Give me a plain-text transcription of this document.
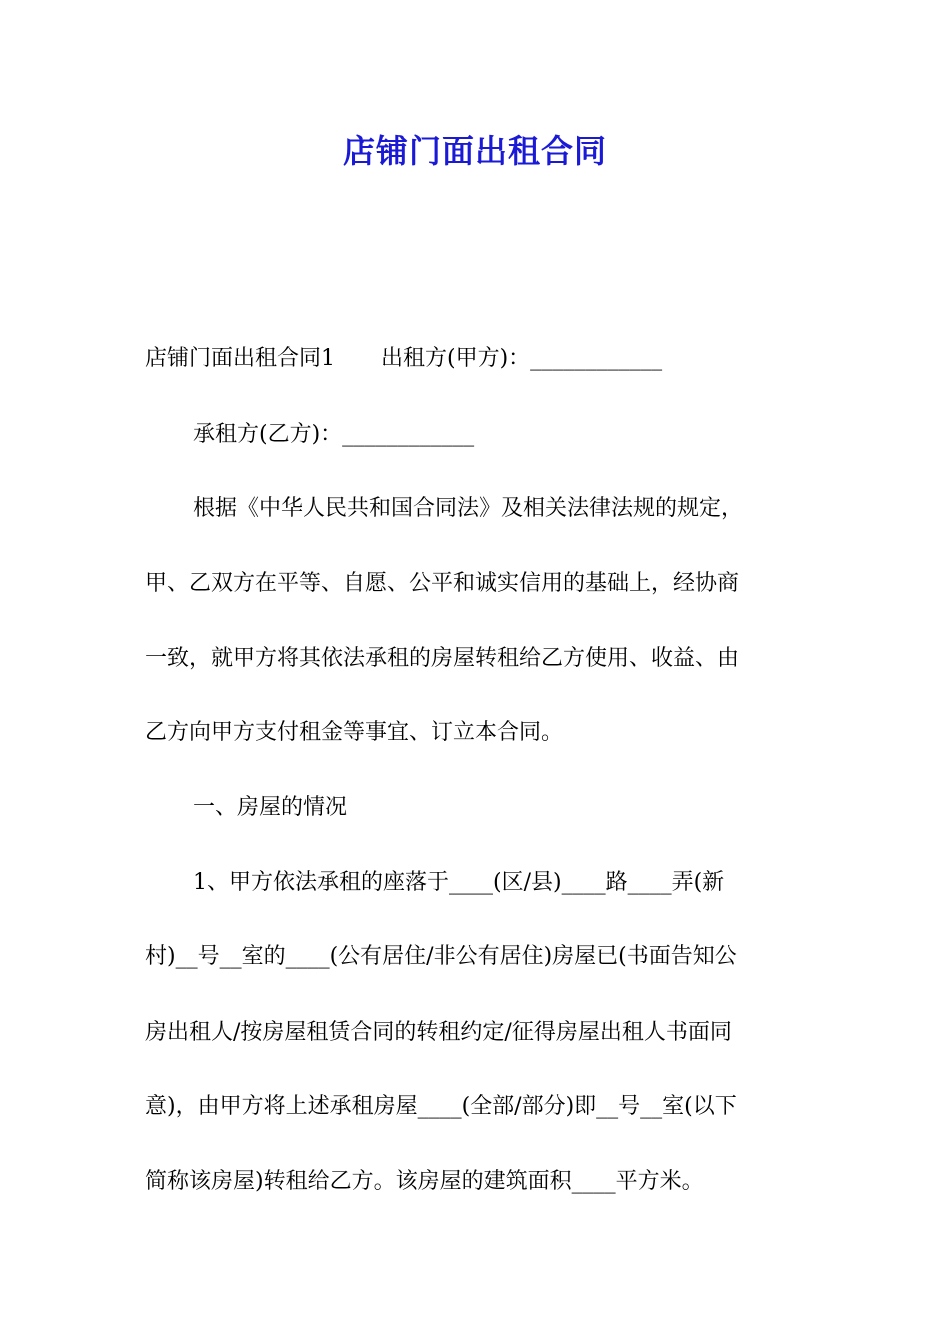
店铺门面出租合同
店铺门面出租合同1 出租方(甲方)：____________
承租方(乙方)：____________
根据《中华人民共和国合同法》及相关法律法规的规定，
甲、乙双方在平等、自愿、公平和诚实信用的基础上，经协商
一致，就甲方将其依法承租的房屋转租给乙方使用、收益、由
乙方向甲方支付租金等事宜、订立本合同。
一、房屋的情况
1、甲方依法承租的座落于____(区/县)____路____弄(新
村)__号__室的____(公有居住/非公有居住)房屋已(书面告知公
房出租人/按房屋租赁合同的转租约定/征得房屋出租人书面同
意)，由甲方将上述承租房屋____(全部/部分)即__号__室(以下
简称该房屋)转租给乙方。该房屋的建筑面积____平方米。
